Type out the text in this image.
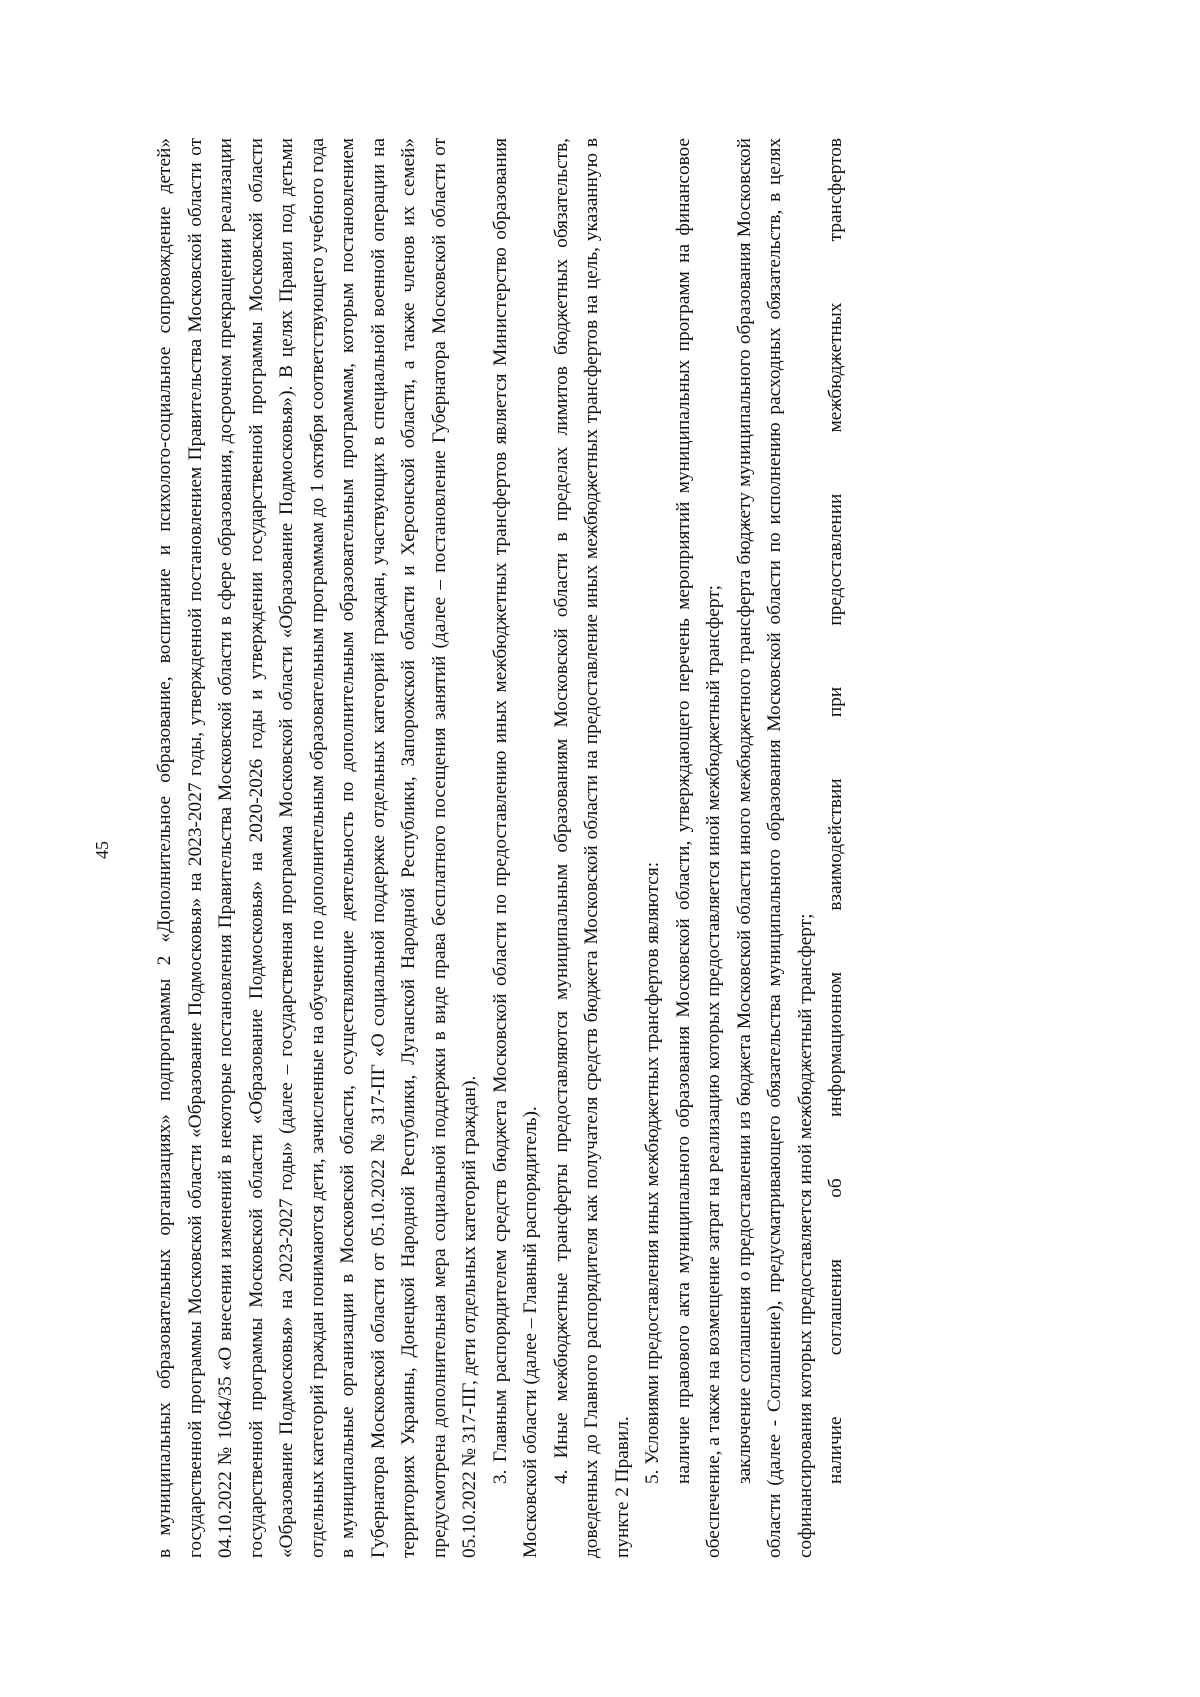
45	в муниципальных образовательных организациях» подпрограммы 2 «Дополнительное образование, воспитание и психолого-социальное сопровождение детей» государственной программы Московской области «Образование Подмосковья» на 2023-2027 годы, утвержденной постановлением Правительства Московской области от 04.10.2022 № 1064/35 «О внесении изменений в некоторые постановления Правительства Московской области в сфере образования, досрочном прекращении реализации государственной программы Московской области «Образование Подмосковья» на 2020-2026 годы и утверждении государственной программы Московской области «Образование Подмосковья» на 2023-2027 годы» (далее – государственная программа Московской области «Образование Подмосковья»). В целях Правил под детьми отдельных категорий граждан понимаются дети, зачисленные на обучение по дополнительным образовательным программам до 1 октября соответствующего учебного года в муниципальные организации в Московской области, осуществляющие деятельность по дополнительным образовательным программам, которым постановлением Губернатора Московской области от 05.10.2022 № 317-ПГ «О социальной поддержке отдельных категорий граждан, участвующих в специальной военной операции на территориях Украины, Донецкой Народной Республики, Луганской Народной Республики, Запорожской области и Херсонской области, а также членов их семей» предусмотрена дополнительная мера социальной поддержки в виде права бесплатного посещения занятий (далее – постановление Губернатора Московской области от 05.10.2022 № 317-ПГ, дети отдельных категорий граждан). 3. Главным распорядителем средств бюджета Московской области по предоставлению иных межбюджетных трансфертов является Министерство образования Московской области (далее – Главный распорядитель). 4. Иные межбюджетные трансферты предоставляются муниципальным образованиям Московской области в пределах лимитов бюджетных обязательств, доведенных до Главного распорядителя как получателя средств бюджета Московской области на предоставление иных межбюджетных трансфертов на цель, указанную в пункте 2 Правил.

5. Условиями предоставления иных межбюджетных трансфертов являются: наличие правового акта муниципального образования Московской области, утверждающего перечень мероприятий муниципальных программ на финансовое обеспечение, а также на возмещение затрат на реализацию которых предоставляется иной межбюджетный трансферт; заключение соглашения о предоставлении из бюджета Московской области иного межбюджетного трансферта бюджету муниципального образования Московской области (далее - Соглашение), предусматривающего обязательства муниципального образования Московской области по исполнению расходных обязательств, в целях софинансирования которых предоставляется иной межбюджетный трансферт; наличие соглашения об информационном взаимодействии при предоставлении межбюджетных трансфертов
